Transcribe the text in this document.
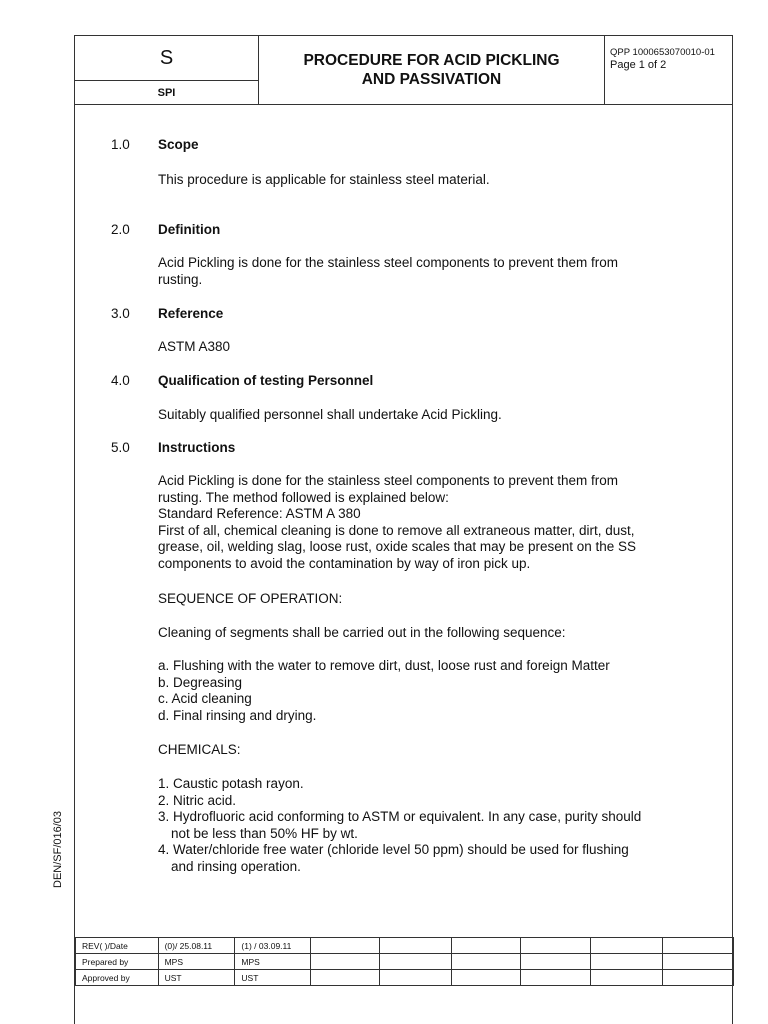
S
SPI
PROCEDURE FOR ACID PICKLING
AND PASSIVATION
QPP 1000653070010-01
Page 1 of 2
1.0 Scope
This procedure is applicable for stainless steel material.
2.0 Definition
Acid Pickling is done for the stainless steel components to prevent them from
rusting.
3.0 Reference
ASTM A380
4.0 Qualification of testing Personnel
Suitably qualified personnel shall undertake Acid Pickling.
5.0 Instructions
Acid Pickling is done for the stainless steel components to prevent them from
rusting. The method followed is explained below:
Standard Reference: ASTM A 380
First of all, chemical cleaning is done to remove all extraneous matter, dirt, dust,
grease, oil, welding slag, loose rust, oxide scales that may be present on the SS
components to avoid the contamination by way of iron pick up.
SEQUENCE OF OPERATION:
Cleaning of segments shall be carried out in the following sequence:
a. Flushing with the water to remove dirt, dust, loose rust and foreign Matter
b. Degreasing
c. Acid cleaning
d. Final rinsing and drying.
CHEMICALS:
1. Caustic potash rayon.
2. Nitric acid.
3. Hydrofluoric acid conforming to ASTM or equivalent. In any case, purity should
not be less than 50% HF by wt.
4. Water/chloride free water (chloride level 50 ppm) should be used for flushing
and rinsing operation.
REV( )/Date	(0)/ 25.08.11	(1) / 03.09.11						
Prepared by	MPS	MPS						
Approved by	UST	UST						
DEN/SF/016/03
